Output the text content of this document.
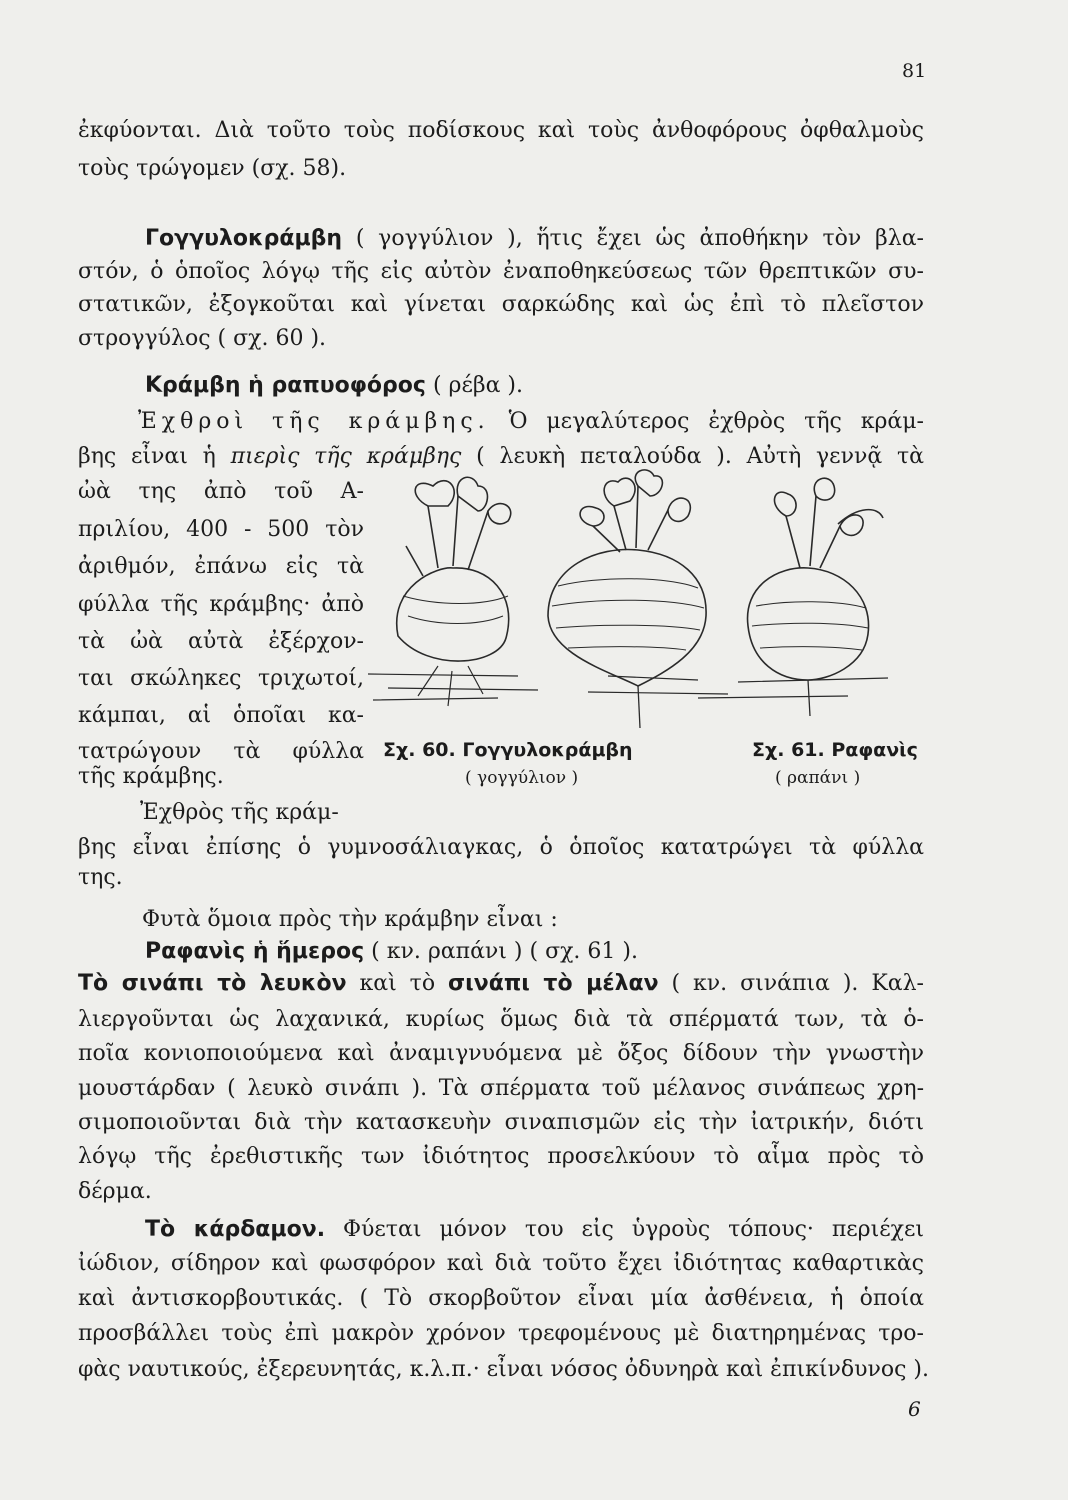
81
ἐκφύονται. Διὰ τοῦτο τοὺς ποδίσκους καὶ τοὺς ἀνθοφόρους ὀφθαλμοὺς
τοὺς τρώγομεν (σχ. 58).
Γογγυλοκράμβη ( γογγύλιον ), ἥτις ἔχει ὡς ἀποθήκην τὸν βλα-
στόν, ὁ ὁποῖος λόγῳ τῆς εἰς αὐτὸν ἐναποθηκεύσεως τῶν θρεπτικῶν συ-
στατικῶν, ἐξογκοῦται καὶ γίνεται σαρκώδης καὶ ὡς ἐπὶ τὸ πλεῖστον
στρογγύλος ( σχ. 60 ).
Κράμβη ἡ ραπυοφόρος ( ρέβα ).
Ἐχθροὶ τῆς κράμβης. Ὁ μεγαλύτερος ἐχθρὸς τῆς κράμ-
βης εἶναι ἡ πιερὶς τῆς κράμβης ( λευκὴ πεταλούδα ). Αὐτὴ γεννᾷ τὰ
ὠὰ της ἀπὸ τοῦ Α-
πριλίου, 400 - 500 τὸν
ἀριθμόν, ἐπάνω εἰς τὰ
φύλλα τῆς κράμβης· ἀπὸ
τὰ ὠὰ αὐτὰ ἐξέρχον-
ται σκώληκες τριχωτοί,
κάμπαι, αἱ ὁποῖαι κα-
τατρώγουν τὰ φύλλα
τῆς κράμβης.
Ἐχθρὸς τῆς κράμ-
βης εἶναι ἐπίσης ὁ γυμνοσάλιαγκας, ὁ ὁποῖος κατατρώγει τὰ φύλλα
της.
Φυτὰ ὅμοια πρὸς τὴν κράμβην εἶναι :
Ραφανὶς ἡ ἥμερος ( κν. ραπάνι ) ( σχ. 61 ).
Τὸ σινάπι τὸ λευκὸν καὶ τὸ σινάπι τὸ μέλαν ( κν. σινάπια ). Καλ-
λιεργοῦνται ὡς λαχανικά, κυρίως ὅμως διὰ τὰ σπέρματά των, τὰ ὁ-
ποῖα κονιοποιούμενα καὶ ἀναμιγνυόμενα μὲ ὄξος δίδουν τὴν γνωστὴν
μουστάρδαν ( λευκὸ σινάπι ). Τὰ σπέρματα τοῦ μέλανος σινάπεως χρη-
σιμοποιοῦνται διὰ τὴν κατασκευὴν σιναπισμῶν εἰς τὴν ἰατρικήν, διότι
λόγῳ τῆς ἐρεθιστικῆς των ἰδιότητος προσελκύουν τὸ αἷμα πρὸς τὸ
δέρμα.
Τὸ κάρδαμον. Φύεται μόνον του εἰς ὑγροὺς τόπους· περιέχει
ἰώδιον, σίδηρον καὶ φωσφόρον καὶ διὰ τοῦτο ἔχει ἰδιότητας καθαρτικὰς
καὶ ἀντισκορβουτικάς. ( Τὸ σκορβοῦτον εἶναι μία ἀσθένεια, ἡ ὁποία
προσβάλλει τοὺς ἐπὶ μακρὸν χρόνον τρεφομένους μὲ διατηρημένας τρο-
φὰς ναυτικούς, ἐξερευνητάς, κ.λ.π.· εἶναι νόσος ὀδυνηρὰ καὶ ἐπικίνδυνος ).
6
Σχ. 60. Γογγυλοκράμβη
( γογγύλιον )
Σχ. 61. Ραφανὶς
( ραπάνι )
